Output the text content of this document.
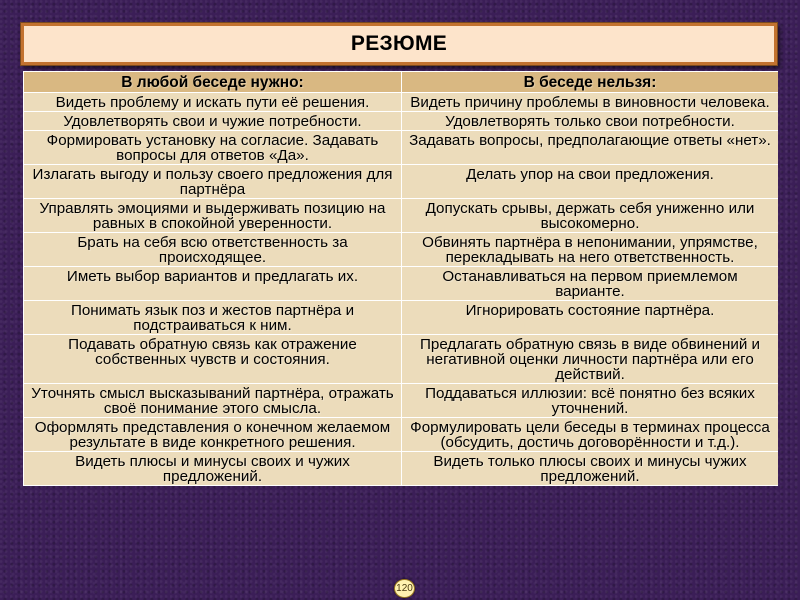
РЕЗЮМЕ
В любой беседе нужно:	В беседе нельзя:
Видеть проблему и искать пути её решения.	Видеть причину проблемы в виновности человека.
Удовлетворять свои и чужие потребности.	Удовлетворять только свои потребности.
Формировать установку на согласие. Задавать вопросы для ответов «Да».	Задавать вопросы, предполагающие ответы «нет».
Излагать выгоду и пользу своего предложения для партнёра	Делать упор на свои предложения.
Управлять эмоциями и выдерживать позицию на равных в спокойной уверенности.	Допускать срывы, держать себя униженно или высокомерно.
Брать на себя всю ответственность за происходящее.	Обвинять партнёра в непонимании, упрямстве, перекладывать на него ответственность.
Иметь выбор вариантов и предлагать их.	Останавливаться на первом приемлемом варианте.
Понимать язык поз и жестов партнёра и подстраиваться к ним.	Игнорировать состояние партнёра.
Подавать обратную связь как отражение собственных чувств и состояния.	Предлагать обратную связь в виде обвинений и негативной оценки личности партнёра или его действий.
Уточнять смысл высказываний партнёра, отражать своё понимание этого смысла.	Поддаваться иллюзии: всё понятно без всяких уточнений.
Оформлять представления о конечном желаемом результате в виде конкретного решения.	Формулировать цели беседы в терминах процесса (обсудить, достичь договорённости и т.д.).
Видеть плюсы и минусы своих и чужих предложений.	Видеть только плюсы своих и минусы чужих предложений.
120
